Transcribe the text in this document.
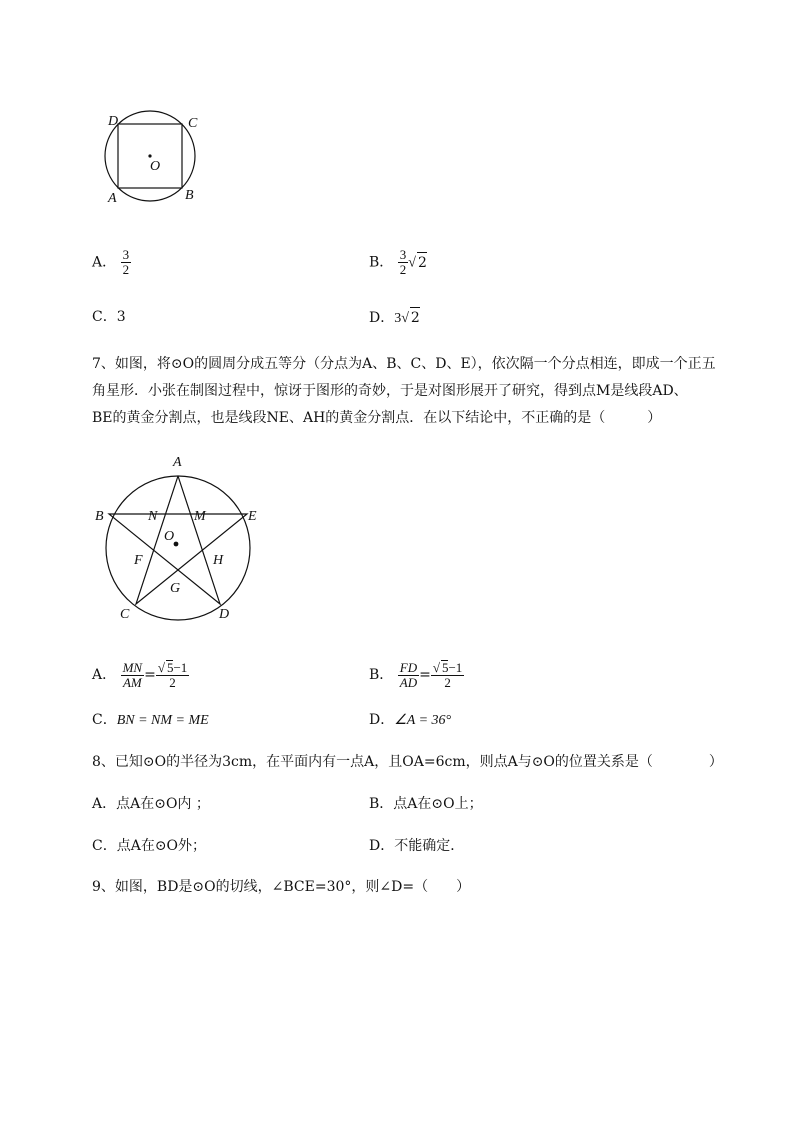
D	C
O
A	B
A． $\frac{3}{2}$	B． $\frac{3}{2}$ √ 2
C．3	D．3√ 2
7、如图，将⊙O的圆周分成五等分（分点为A、B、C、D、E），依次隔一个分点相连，即成一个正五
角星形．小张在制图过程中，惊讶于图形的奇妙，于是对图形展开了研究，得到点M是线段AD、
BE的黄金分割点，也是线段NE、AH的黄金分割点．在以下结论中，不正确的是（　　　）
A
B	E
N	M
O
F	H
G
C	D
A． $\frac{MN}{AM} = \frac{√ 5-1}{2}$	B． $\frac{FD}{AD} = \frac{√ 5-1}{2}$
C．BN = NM = ME	D．∠A = 36°
8、已知⊙O的半径为3cm，在平面内有一点A，且OA=6cm，则点A与⊙O的位置关系是（　　　　）
A．点A在⊙O内 ；	B．点A在⊙O上；
C．点A在⊙O外；	D．不能确定．
9、如图，BD是⊙O的切线，∠BCE=30°，则∠D=（　　）
